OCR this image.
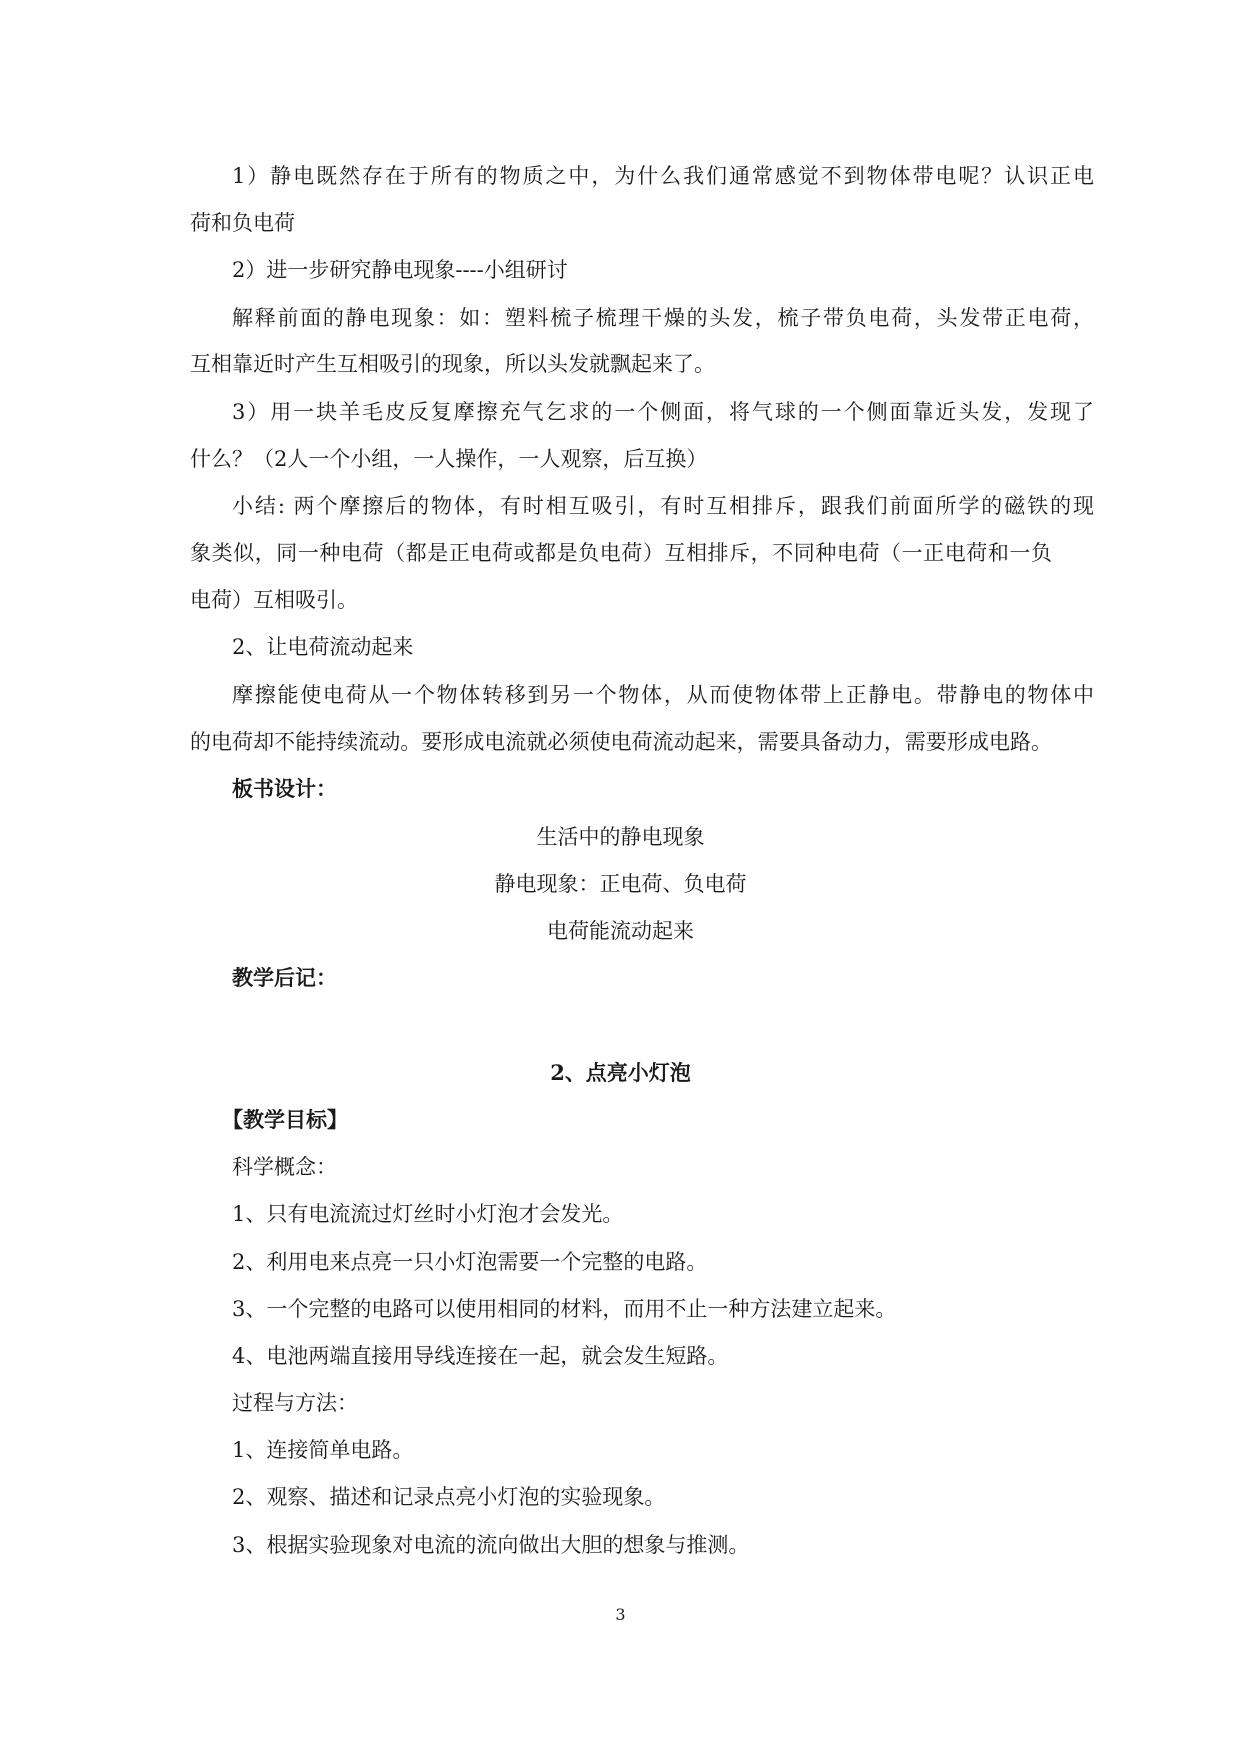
1）静电既然存在于所有的物质之中，为什么我们通常感觉不到物体带电呢？认识正电
荷和负电荷
2）进一步研究静电现象----小组研讨
解释前面的静电现象：如：塑料梳子梳理干燥的头发，梳子带负电荷，头发带正电荷，
互相靠近时产生互相吸引的现象，所以头发就飘起来了。
3）用一块羊毛皮反复摩擦充气乞求的一个侧面，将气球的一个侧面靠近头发，发现了
什么？（2人一个小组，一人操作，一人观察，后互换）
小结: 两个摩擦后的物体，有时相互吸引，有时互相排斥，跟我们前面所学的磁铁的现
象类似，同一种电荷（都是正电荷或都是负电荷）互相排斥，不同种电荷（一正电荷和一负
电荷）互相吸引。
2、让电荷流动起来
摩擦能使电荷从一个物体转移到另一个物体，从而使物体带上正静电。带静电的物体中
的电荷却不能持续流动。要形成电流就必须使电荷流动起来，需要具备动力，需要形成电路。
板书设计：
生活中的静电现象
静电现象：正电荷、负电荷
电荷能流动起来
教学后记：
2、点亮小灯泡
【教学目标】
科学概念：
1、只有电流流过灯丝时小灯泡才会发光。
2、利用电来点亮一只小灯泡需要一个完整的电路。
3、一个完整的电路可以使用相同的材料，而用不止一种方法建立起来。
4、电池两端直接用导线连接在一起，就会发生短路。
过程与方法：
1、连接简单电路。
2、观察、描述和记录点亮小灯泡的实验现象。
3、根据实验现象对电流的流向做出大胆的想象与推测。
3
